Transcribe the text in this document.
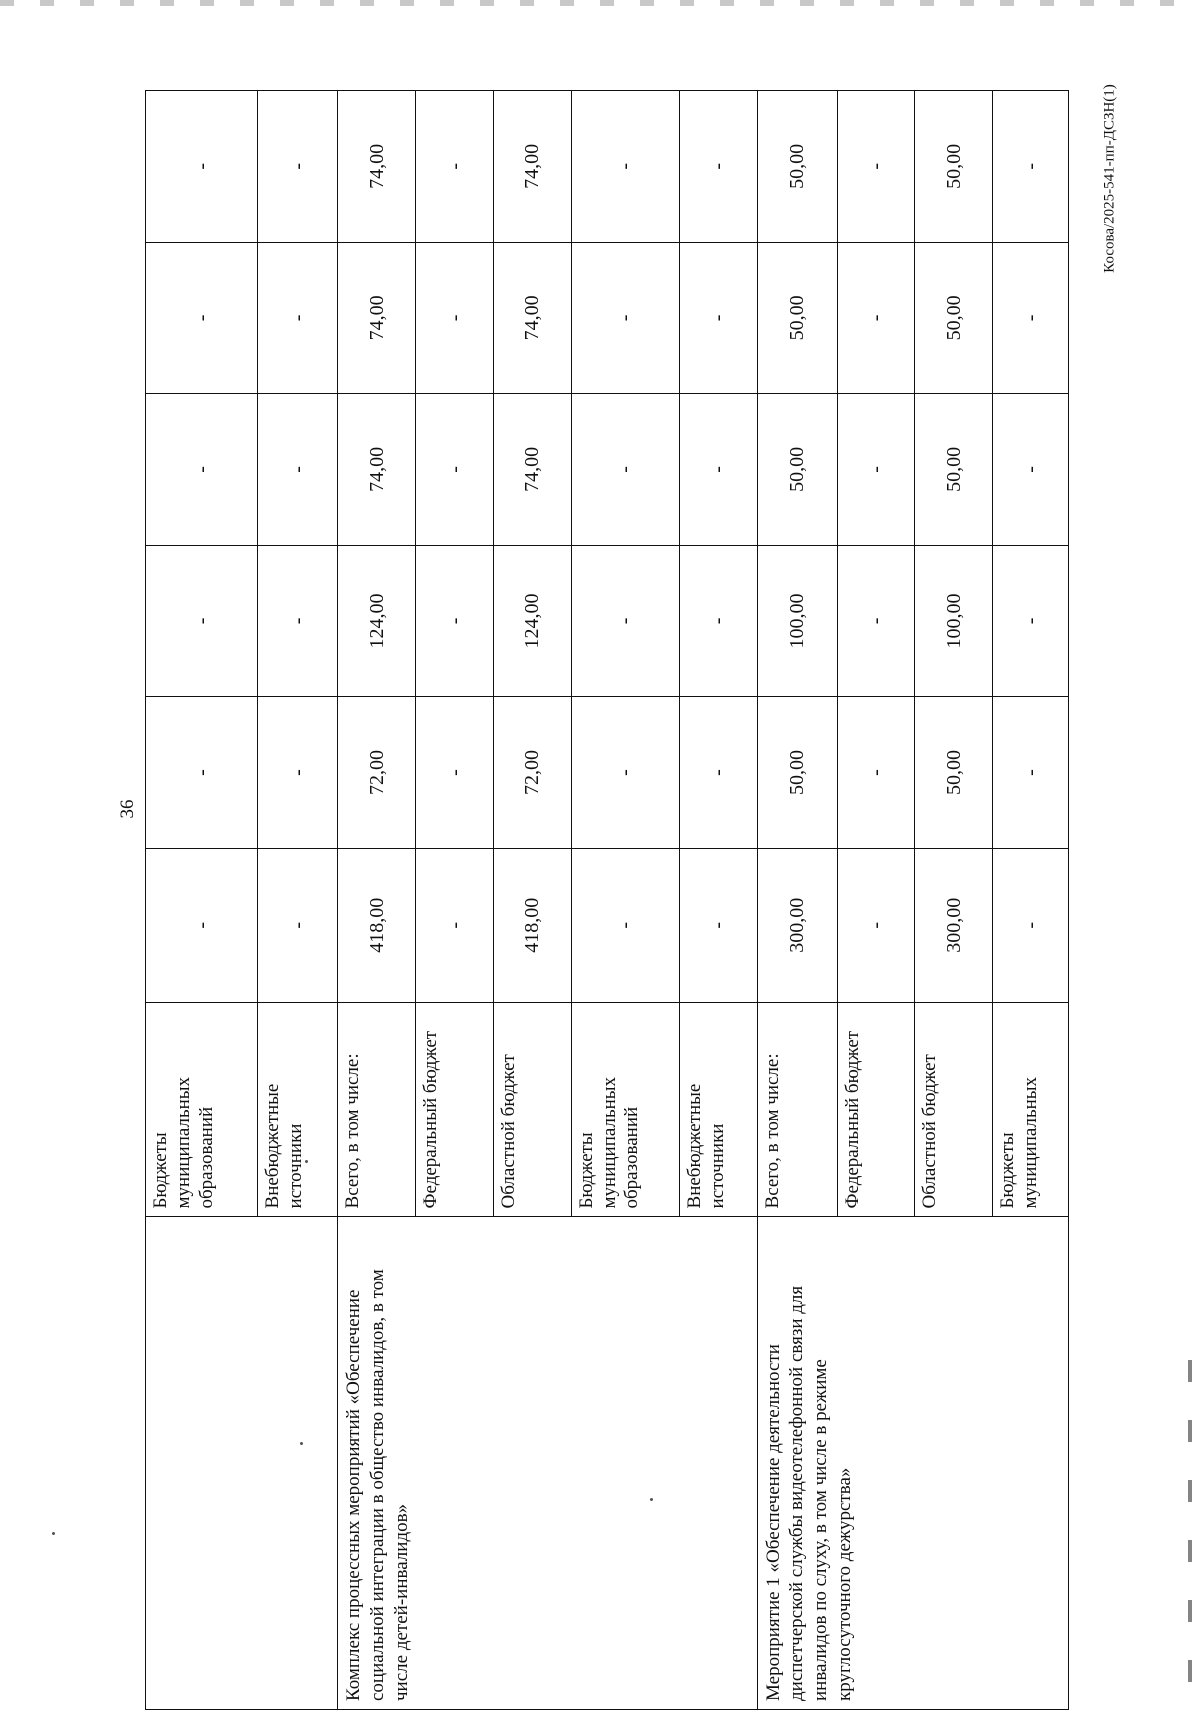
36
Косова/2025-541-пп-ДСЗН(1)
	Бюджеты муниципальных образований	-	-	-	-	-	-
	Внебюджетные источники	-	-	-	-	-	-
Комплекс процессных мероприятий «Обеспечение социальной интеграции в общество инвалидов, в том числе детей-инвалидов»	Всего, в том числе:	418,00	72,00	124,00	74,00	74,00	74,00
	Федеральный бюджет	-	-	-	-	-	-
	Областной бюджет	418,00	72,00	124,00	74,00	74,00	74,00
	Бюджеты муниципальных образований	-	-	-	-	-	-
	Внебюджетные источники	-	-	-	-	-	-
Мероприятие 1 «Обеспечение деятельности диспетчерской службы видеотелефонной связи для инвалидов по слуху, в том числе в режиме круглосуточного дежурства»	Всего, в том числе:	300,00	50,00	100,00	50,00	50,00	50,00
	Федеральный бюджет	-	-	-	-	-	-
	Областной бюджет	300,00	50,00	100,00	50,00	50,00	50,00
	Бюджеты муниципальных	-	-	-	-	-	-
